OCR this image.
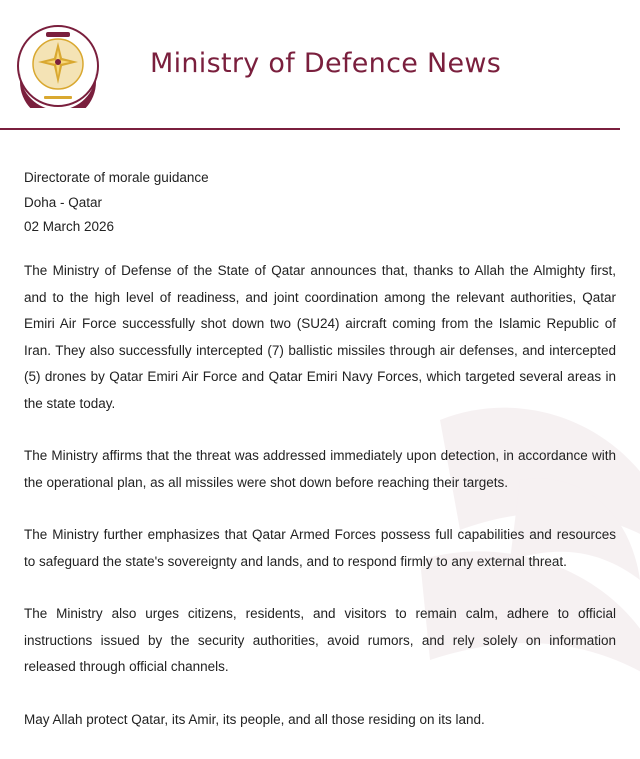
Ministry of Defence News
Directorate of morale guidance
Doha - Qatar
02 March 2026

The Ministry of Defense of the State of Qatar announces that, thanks to Allah the Almighty first, and to the high level of readiness, and joint coordination among the relevant authorities, Qatar Emiri Air Force successfully shot down two (SU24) aircraft coming from the Islamic Republic of Iran. They also successfully intercepted (7) ballistic missiles through air defenses, and intercepted (5) drones by Qatar Emiri Air Force and Qatar Emiri Navy Forces, which targeted several areas in the state today.

The Ministry affirms that the threat was addressed immediately upon detection, in accordance with the operational plan, as all missiles were shot down before reaching their targets.

The Ministry further emphasizes that Qatar Armed Forces possess full capabilities and resources to safeguard the state's sovereignty and lands, and to respond firmly to any external threat.

The Ministry also urges citizens, residents, and visitors to remain calm, adhere to official instructions issued by the security authorities, avoid rumors, and rely solely on information released through official channels.

May Allah protect Qatar, its Amir, its people, and all those residing on its land.
